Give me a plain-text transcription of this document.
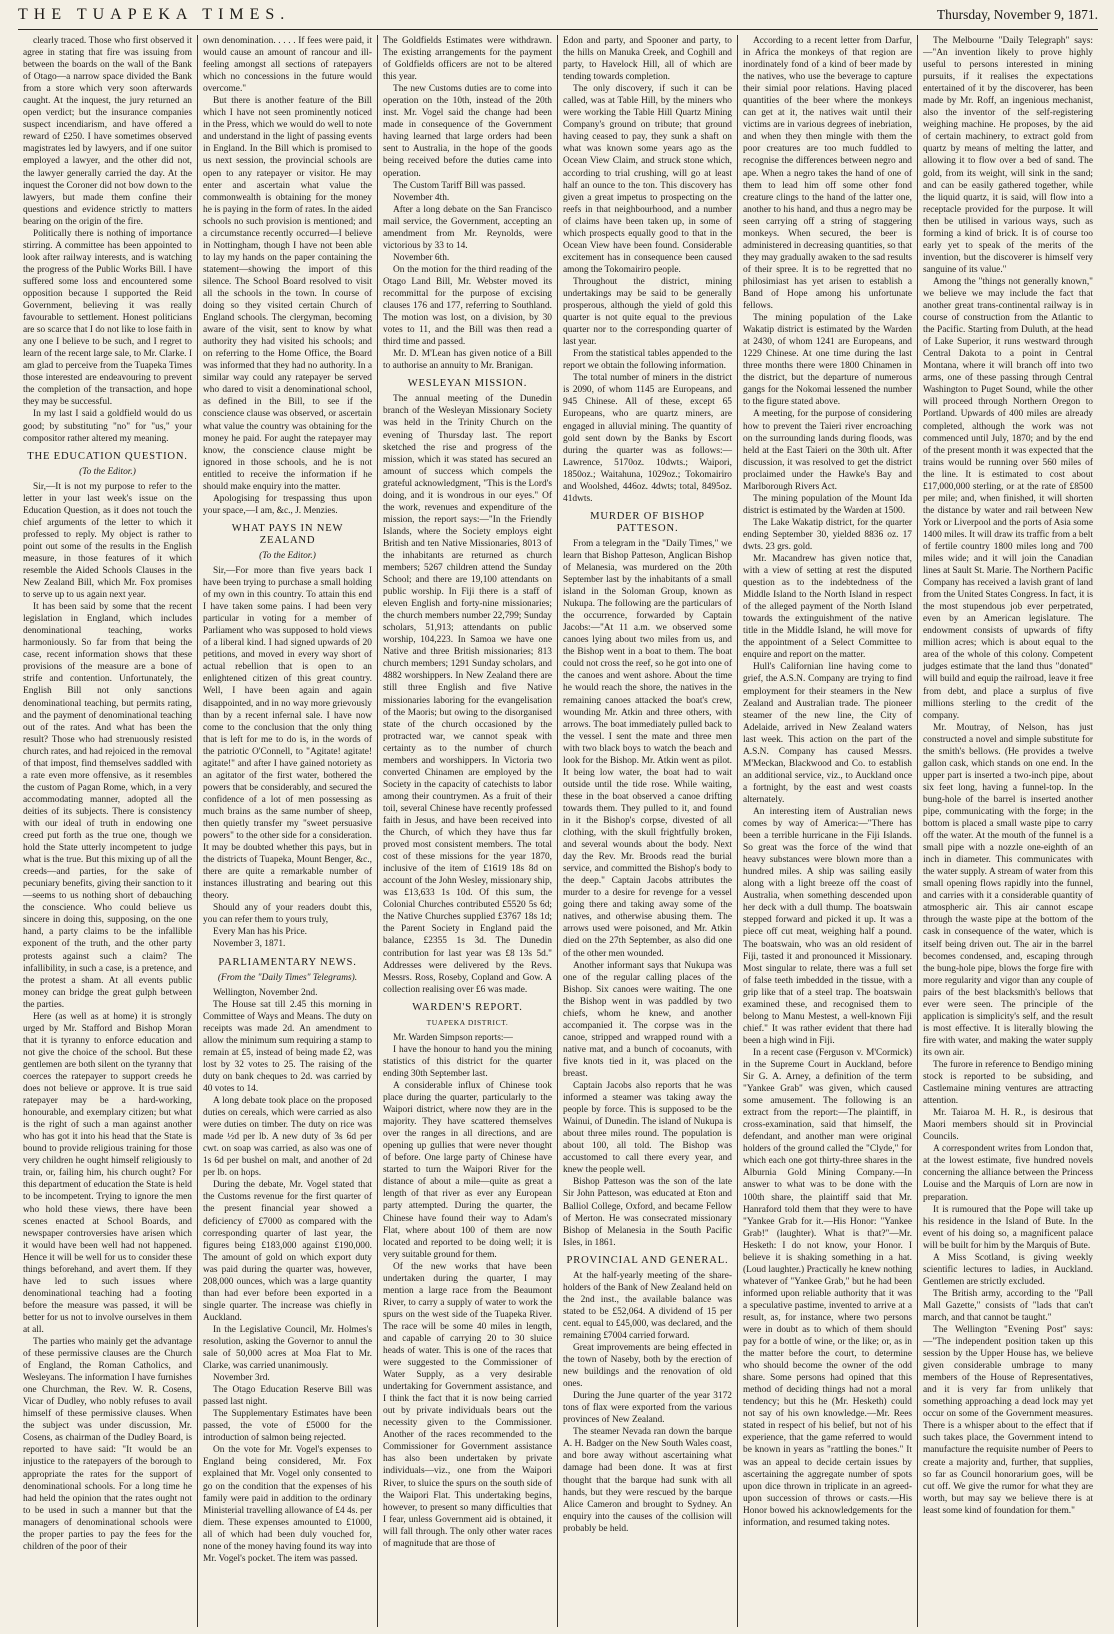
THE TUAPEKA TIMES.	Thursday, November 9, 1871.

clearly traced. Those who first observed it agree in stating that fire was issuing from between the boards on the wall of the Bank of Otago—a narrow space divided the Bank from a store which very soon afterwards caught. At the inquest, the jury returned an open verdict; but the insurance companies suspect incendiarism, and have offered a reward of £250. I have sometimes observed magistrates led by lawyers, and if one suitor employed a lawyer, and the other did not, the lawyer generally carried the day. At the inquest the Coroner did not bow down to the lawyers, but made them confine their questions and evidence strictly to matters bearing on the origin of the fire.

Politically there is nothing of importance stirring. A committee has been appointed to look after railway interests, and is watching the progress of the Public Works Bill. I have suffered some loss and encountered some opposition because I supported the Reid Government, believing it was really favourable to settlement. Honest politicians are so scarce that I do not like to lose faith in any one I believe to be such, and I regret to learn of the recent large sale, to Mr. Clarke. I am glad to perceive from the Tuapeka Times those interested are endeavouring to prevent the completion of the transaction, and hope they may be successful.

In my last I said a goldfield would do us good; by substituting "no" for "us," your compositor rather altered my meaning.

THE EDUCATION QUESTION.
(To the Editor.)

Sir,—It is not my purpose to refer to the letter in your last week's issue on the Education Question, as it does not touch the chief arguments of the letter to which it professed to reply. My object is rather to point out some of the results in the English measure, in those features of it which resemble the Aided Schools Clauses in the New Zealand Bill, which Mr. Fox promises to serve up to us again next year.

It has been said by some that the recent legislation in England, which includes denominational teaching, works harmoniously. So far from that being the case, recent information shows that these provisions of the measure are a bone of strife and contention. Unfortunately, the English Bill not only sanctions denominational teaching, but permits rating, and the payment of denominational teaching out of the rates. And what has been the result? Those who had strenuously resisted church rates, and had rejoiced in the removal of that impost, find themselves saddled with a rate even more offensive, as it resembles the custom of Pagan Rome, which, in a very accommodating manner, adopted all the deities of its subjects. There is consistency with our ideal of truth in endowing one creed put forth as the true one, though we hold the State utterly incompetent to judge what is the true. But this mixing up of all the creeds—and parties, for the sake of pecuniary benefits, giving their sanction to it—seems to us nothing short of debauching the conscience. Who could believe us sincere in doing this, supposing, on the one hand, a party claims to be the infallible exponent of the truth, and the other party protests against such a claim? The infallibility, in such a case, is a pretence, and the protest a sham. At all events public money can bridge the great gulph between the parties.

Here (as well as at home) it is strongly urged by Mr. Stafford and Bishop Moran that it is tyranny to enforce education and not give the choice of the school. But these gentlemen are both silent on the tyranny that coerces the ratepayer to support creeds he does not believe or approve. It is true said ratepayer may be a hard-working, honourable, and exemplary citizen; but what is the right of such a man against another who has got it into his head that the State is bound to provide religious training for those very children he ought himself religiously to train, or, failing him, his church ought? For this department of education the State is held to be incompetent. Trying to ignore the men who hold these views, there have been scenes enacted at School Boards, and newspaper controversies have arisen which it would have been well had not happened. Hence it will be well for us to consider these things beforehand, and avert them. If they have led to such issues where denominational teaching had a footing before the measure was passed, it will be better for us not to involve ourselves in them at all.

The parties who mainly get the advantage of these permissive clauses are the Church of England, the Roman Catholics, and Wesleyans. The information I have furnishes one Churchman, the Rev. W. R. Cosens, Vicar of Dudley, who nobly refuses to avail himself of these permissive clauses. When the subject was under discussion, Mr. Cosens, as chairman of the Dudley Board, is reported to have said: "It would be an injustice to the ratepayers of the borough to appropriate the rates for the support of denominational schools. For a long time he had held the opinion that the rates ought not to be used in such a manner but that the managers of denominational schools were the proper parties to pay the fees for the children of the poor of their

own denomination. . . . . If fees were paid, it would cause an amount of rancour and ill-feeling amongst all sections of ratepayers which no concessions in the future would overcome."

But there is another feature of the Bill which I have not seen prominently noticed in the Press, which we would do well to note and understand in the light of passing events in England. In the Bill which is promised to us next session, the provincial schools are open to any ratepayer or visitor. He may enter and ascertain what value the commonwealth is obtaining for the money he is paying in the form of rates. In the aided schools no such provision is mentioned; and a circumstance recently occurred—I believe in Nottingham, though I have not been able to lay my hands on the paper containing the statement—showing the import of this silence. The School Board resolved to visit all the schools in the town. In course of doing so they visited certain Church of England schools. The clergyman, becoming aware of the visit, sent to know by what authority they had visited his schools; and on referring to the Home Office, the Board was informed that they had no authority. In a similar way could any ratepayer be served who dared to visit a denominational school, as defined in the Bill, to see if the conscience clause was observed, or ascertain what value the country was obtaining for the money he paid. For aught the ratepayer may know, the conscience clause might be ignored in those schools, and he is not entitled to receive the information if he should make enquiry into the matter.

Apologising for trespassing thus upon your space,—I am, &c., J. Menzies.

WHAT PAYS IN NEW ZEALAND
(To the Editor.)

Sir,—For more than five years back I have been trying to purchase a small holding of my own in this country. To attain this end I have taken some pains. I had been very particular in voting for a member of Parliament who was supposed to hold views of a liberal kind. I had signed upwards of 20 petitions, and moved in every way short of actual rebellion that is open to an enlightened citizen of this great country. Well, I have been again and again disappointed, and in no way more grievously than by a recent infernal sale. I have now come to the conclusion that the only thing that is left for me to do is, in the words of the patriotic O'Connell, to "Agitate! agitate! agitate!" and after I have gained notoriety as an agitator of the first water, bothered the powers that be considerably, and secured the confidence of a lot of men possessing as much brains as the same number of sheep, then quietly transfer my "sweet persuasive powers" to the other side for a consideration. It may be doubted whether this pays, but in the districts of Tuapeka, Mount Benger, &c., there are quite a remarkable number of instances illustrating and bearing out this theory.

Should any of your readers doubt this, you can refer them to yours truly,

Every Man has his Price.

November 3, 1871.

PARLIAMENTARY NEWS.
(From the "Daily Times" Telegrams).

Wellington, November 2nd.

The House sat till 2.45 this morning in Committee of Ways and Means. The duty on receipts was made 2d. An amendment to allow the minimum sum requiring a stamp to remain at £5, instead of being made £2, was lost by 32 votes to 25. The raising of the duty on bank cheques to 2d. was carried by 40 votes to 14.

A long debate took place on the proposed duties on cereals, which were carried as also were duties on timber. The duty on rice was made ½d per lb. A new duty of 3s 6d per cwt. on soap was carried, as also was one of 1s 6d per bushel on malt, and another of 2d per lb. on hops.

During the debate, Mr. Vogel stated that the Customs revenue for the first quarter of the present financial year showed a deficiency of £7000 as compared with the corresponding quarter of last year, the figures being £183,000 against £190,000. The amount of gold on which export duty was paid during the quarter was, however, 208,000 ounces, which was a large quantity than had ever before been exported in a single quarter. The increase was chiefly in Auckland.

In the Legislative Council, Mr. Holmes's resolution, asking the Governor to annul the sale of 50,000 acres at Moa Flat to Mr. Clarke, was carried unanimously.

November 3rd.

The Otago Education Reserve Bill was passed last night.

The Supplementary Estimates have been passed, the vote of £5000 for the introduction of salmon being rejected.

On the vote for Mr. Vogel's expenses to England being considered, Mr. Fox explained that Mr. Vogel only consented to go on the condition that the expenses of his family were paid in addition to the ordinary Ministerial travelling allowance of £4 4s. per diem. These expenses amounted to £1000, all of which had been duly vouched for, none of the money having found its way into Mr. Vogel's pocket. The item was passed.

The Goldfields Estimates were withdrawn. The existing arrangements for the payment of Goldfields officers are not to be altered this year.

The new Customs duties are to come into operation on the 10th, instead of the 20th inst. Mr. Vogel said the change had been made in consequence of the Government having learned that large orders had been sent to Australia, in the hope of the goods being received before the duties came into operation.

The Custom Tariff Bill was passed.

November 4th.

After a long debate on the San Francisco mail service, the Government, accepting an amendment from Mr. Reynolds, were victorious by 33 to 14.

November 6th.

On the motion for the third reading of the Otago Land Bill, Mr. Webster moved its recommittal for the purpose of excising clauses 176 and 177, referring to Southland. The motion was lost, on a division, by 30 votes to 11, and the Bill was then read a third time and passed.

Mr. D. M'Lean has given notice of a Bill to authorise an annuity to Mr. Branigan.

WESLEYAN MISSION.

The annual meeting of the Dunedin branch of the Wesleyan Missionary Society was held in the Trinity Church on the evening of Thursday last. The report sketched the rise and progress of the mission, which it was stated has secured an amount of success which compels the grateful acknowledgment, "This is the Lord's doing, and it is wondrous in our eyes." Of the work, revenues and expenditure of the mission, the report says:—"In the Friendly Islands, where the Society employs eight British and ten Native Missionaries, 8013 of the inhabitants are returned as church members; 5267 children attend the Sunday School; and there are 19,100 attendants on public worship. In Fiji there is a staff of eleven English and forty-nine missionaries; the church members number 22,799; Sunday scholars, 51,913; attendants on public worship, 104,223. In Samoa we have one Native and three British missionaries; 813 church members; 1291 Sunday scholars, and 4882 worshippers. In New Zealand there are still three English and five Native missionaries laboring for the evangelisation of the Maoris; but owing to the disorganised state of the church occasioned by the protracted war, we cannot speak with certainty as to the number of church members and worshippers. In Victoria two converted Chinamen are employed by the Society in the capacity of catechists to labor among their countrymen. As a fruit of their toil, several Chinese have recently professed faith in Jesus, and have been received into the Church, of which they have thus far proved most consistent members. The total cost of these missions for the year 1870, inclusive of the item of £1619 18s 8d on account of the John Wesley, missionary ship, was £13,633 1s 10d. Of this sum, the Colonial Churches contributed £5520 5s 6d; the Native Churches supplied £3767 18s 1d; the Parent Society in England paid the balance, £2355 1s 3d. The Dunedin contribution for last year was £8 13s 5d." Addresses were delivered by the Revs. Messrs. Ross, Roseby, Copland and Gow. A collection realising over £6 was made.

WARDEN'S REPORT.
TUAPEKA DISTRICT.

Mr. Warden Simpson reports:—

I have the honour to hand you the mining statistics of this district for the quarter ending 30th September last.

A considerable influx of Chinese took place during the quarter, particularly to the Waipori district, where now they are in the majority. They have scattered themselves over the ranges in all directions, and are opening up gullies that were never thought of before. One large party of Chinese have started to turn the Waipori River for the distance of about a mile—quite as great a length of that river as ever any European party attempted. During the quarter, the Chinese have found their way to Adam's Flat, where about 100 of them are now located and reported to be doing well; it is very suitable ground for them.

Of the new works that have been undertaken during the quarter, I may mention a large race from the Beaumont River, to carry a supply of water to work the spurs on the west side of the Tuapeka River. The race will be some 40 miles in length, and capable of carrying 20 to 30 sluice heads of water. This is one of the races that were suggested to the Commissioner of Water Supply, as a very desirable undertaking for Government assistance, and I think the fact that it is now being carried out by private individuals bears out the necessity given to the Commissioner. Another of the races recommended to the Commissioner for Government assistance has also been undertaken by private individuals—viz., one from the Waipori River, to sluice the spurs on the south side of the Waipori Flat. This undertaking begins, however, to present so many difficulties that I fear, unless Government aid is obtained, it will fall through. The only other water races of magnitude that are those of

Edon and party, and Spooner and party, to the hills on Manuka Creek, and Coghill and party, to Havelock Hill, all of which are tending towards completion.

The only discovery, if such it can be called, was at Table Hill, by the miners who were working the Table Hill Quartz Mining Company's ground on tribute; that ground having ceased to pay, they sunk a shaft on what was known some years ago as the Ocean View Claim, and struck stone which, according to trial crushing, will go at least half an ounce to the ton. This discovery has given a great impetus to prospecting on the reefs in that neighbourhood, and a number of claims have been taken up, in some of which prospects equally good to that in the Ocean View have been found. Considerable excitement has in consequence been caused among the Tokomairiro people.

Throughout the district, mining undertakings may be said to be generally prosperous, although the yield of gold this quarter is not quite equal to the previous quarter nor to the corresponding quarter of last year.

From the statistical tables appended to the report we obtain the following information.

The total number of miners in the district is 2090, of whom 1145 are Europeans, and 945 Chinese. All of these, except 65 Europeans, who are quartz miners, are engaged in alluvial mining. The quantity of gold sent down by the Banks by Escort during the quarter was as follows:—Lawrence, 5170oz. 10dwts.; Waipori, 1850oz.; Waitahuna, 1029oz.; Tokomairiro and Woolshed, 446oz. 4dwts; total, 8495oz. 41dwts.

MURDER OF BISHOP PATTESON.

From a telegram in the "Daily Times," we learn that Bishop Patteson, Anglican Bishop of Melanesia, was murdered on the 20th September last by the inhabitants of a small island in the Soloman Group, known as Nukupa. The following are the particulars of the occurrence, forwarded by Captain Jacobs:—"At 11 a.m. we observed some canoes lying about two miles from us, and the Bishop went in a boat to them. The boat could not cross the reef, so he got into one of the canoes and went ashore. About the time he would reach the shore, the natives in the remaining canoes attacked the boat's crew, wounding Mr. Atkin and three others, with arrows. The boat immediately pulled back to the vessel. I sent the mate and three men with two black boys to watch the beach and look for the Bishop. Mr. Atkin went as pilot. It being low water, the boat had to wait outside until the tide rose. While waiting, these in the boat observed a canoe drifting towards them. They pulled to it, and found in it the Bishop's corpse, divested of all clothing, with the skull frightfully broken, and several wounds about the body. Next day the Rev. Mr. Broods read the burial service, and committed the Bishop's body to the deep." Captain Jacobs attributes the murder to a desire for revenge for a vessel going there and taking away some of the natives, and otherwise abusing them. The arrows used were poisoned, and Mr. Atkin died on the 27th September, as also did one of the other men wounded.

Another informant says that Nukupa was one of the regular calling places of the Bishop. Six canoes were waiting. The one the Bishop went in was paddled by two chiefs, whom he knew, and another accompanied it. The corpse was in the canoe, stripped and wrapped round with a native mat, and a bunch of cocoanuts, with five knots tied in it, was placed on the breast.

Captain Jacobs also reports that he was informed a steamer was taking away the people by force. This is supposed to be the Wainui, of Dunedin. The island of Nukupa is about three miles round. The population is about 100, all told. The Bishop was accustomed to call there every year, and knew the people well.

Bishop Patteson was the son of the late Sir John Patteson, was educated at Eton and Balliol College, Oxford, and became Fellow of Merton. He was consecrated missionary Bishop of Melanesia in the South Pacific Isles, in 1861.

PROVINCIAL AND GENERAL.

At the half-yearly meeting of the share-holders of the Bank of New Zealand held on the 2nd inst., the available balance was stated to be £52,064. A dividend of 15 per cent. equal to £45,000, was declared, and the remaining £7004 carried forward.

Great improvements are being effected in the town of Naseby, both by the erection of new buildings and the renovation of old ones.

During the June quarter of the year 3172 tons of flax were exported from the various provinces of New Zealand.

The steamer Nevada ran down the barque A. H. Badger on the New South Wales coast, and bore away without ascertaining what damage had been done. It was at first thought that the barque had sunk with all hands, but they were rescued by the barque Alice Cameron and brought to Sydney. An enquiry into the causes of the collision will probably be held.

According to a recent letter from Darfur, in Africa the monkeys of that region are inordinately fond of a kind of beer made by the natives, who use the beverage to capture their simial poor relations. Having placed quantities of the beer where the monkeys can get at it, the natives wait until their victims are in various degrees of inebriation, and when they then mingle with them the poor creatures are too much fuddled to recognise the differences between negro and ape. When a negro takes the hand of one of them to lead him off some other fond creature clings to the hand of the latter one, another to his hand, and thus a negro may be seen carrying off a string of staggering monkeys. When secured, the beer is administered in decreasing quantities, so that they may gradually awaken to the sad results of their spree. It is to be regretted that no philosimiast has yet arisen to establish a Band of Hope among his unfortunate fellows.

The mining population of the Lake Wakatip district is estimated by the Warden at 2430, of whom 1241 are Europeans, and 1229 Chinese. At one time during the last three months there were 1800 Chinamen in the district, but the departure of numerous gangs for the Nokomai lessened the number to the figure stated above.

A meeting, for the purpose of considering how to prevent the Taieri river encroaching on the surrounding lands during floods, was held at the East Taieri on the 30th ult. After discussion, it was resolved to get the district proclaimed under the Hawke's Bay and Marlborough Rivers Act.

The mining population of the Mount Ida district is estimated by the Warden at 1500.

The Lake Wakatip district, for the quarter ending September 30, yielded 8836 oz. 17 dwts. 23 grs. gold.

Mr. Macandrew has given notice that, with a view of setting at rest the disputed question as to the indebtedness of the Middle Island to the North Island in respect of the alleged payment of the North Island towards the extinguishment of the native title in the Middle Island, he will move for the appointment of a Select Committee to enquire and report on the matter.

Hull's Californian line having come to grief, the A.S.N. Company are trying to find employment for their steamers in the New Zealand and Australian trade. The pioneer steamer of the new line, the City of Adelaide, arrived in New Zealand waters last week. This action on the part of the A.S.N. Company has caused Messrs. M'Meckan, Blackwood and Co. to establish an additional service, viz., to Auckland once a fortnight, by the east and west coasts alternately.

An interesting item of Australian news comes by way of America:—"There has been a terrible hurricane in the Fiji Islands. So great was the force of the wind that heavy substances were blown more than a hundred miles. A ship was sailing easily along with a light breeze off the coast of Australia, when something descended upon her deck with a dull thump. The boatswain stepped forward and picked it up. It was a piece off cut meat, weighing half a pound. The boatswain, who was an old resident of Fiji, tasted it and pronounced it Missionary. Most singular to relate, there was a full set of false teeth imbedded in the tissue, with a grip like that of a steel trap. The boatswain examined these, and recognised them to belong to Manu Mestest, a well-known Fiji chief." It was rather evident that there had been a high wind in Fiji.

In a recent case (Ferguson v. M'Cormick) in the Supreme Court in Auckland, before Sir G. A. Arney, a definition of the term "Yankee Grab" was given, which caused some amusement. The following is an extract from the report:—The plaintiff, in cross-examination, said that himself, the defendant, and another man were original holders of the ground called the "Clyde," for which each one got thirty-three shares in the Alburnia Gold Mining Company.—In answer to what was to be done with the 100th share, the plaintiff said that Mr. Hanraford told them that they were to have "Yankee Grab for it.—His Honor: "Yankee Grab!" (laughter). What is that?"—Mr. Hesketh: I do not know, your Honor. I believe it is shaking something in a hat. (Loud laughter.) Practically he knew nothing whatever of "Yankee Grab," but he had been informed upon reliable authority that it was a speculative pastime, invented to arrive at a result, as, for instance, where two persons were in doubt as to which of them should pay for a bottle of wine, or the like; or, as in the matter before the court, to determine who should become the owner of the odd share. Some persons had opined that this method of deciding things had not a moral tendency; but this he (Mr. Hesketh) could not say of his own knowledge.—Mr. Rees stated in respect of his belief, but not of his experience, that the game referred to would be known in years as "rattling the bones." It was an appeal to decide certain issues by ascertaining the aggregate number of spots upon dice thrown in triplicate in an agreed-upon succession of throws or casts.—His Honor bowed his acknowledgements for the information, and resumed taking notes.

The Melbourne "Daily Telegraph" says:—"An invention likely to prove highly useful to persons interested in mining pursuits, if it realises the expectations entertained of it by the discoverer, has been made by Mr. Roff, an ingenious mechanist, also the inventor of the self-registering weighing machine. He proposes, by the aid of certain machinery, to extract gold from quartz by means of melting the latter, and allowing it to flow over a bed of sand. The gold, from its weight, will sink in the sand; and can be easily gathered together, while the liquid quartz, it is said, will flow into a receptacle provided for the purpose. It will then be utilised in various ways, such as forming a kind of brick. It is of course too early yet to speak of the merits of the invention, but the discoverer is himself very sanguine of its value."

Among the "things not generally known," we believe we may include the fact that another great trans-continental railway is in course of construction from the Atlantic to the Pacific. Starting from Duluth, at the head of Lake Superior, it runs westward through Central Dakota to a point in Central Montana, where it will branch off into two arms, one of these passing through Central Washington to Puget Sound, while the other will proceed through Northern Oregon to Portland. Upwards of 400 miles are already completed, although the work was not commenced until July, 1870; and by the end of the present month it was expected that the trains would be running over 560 miles of the line. It is estimated to cost about £17,000,000 sterling, or at the rate of £8500 per mile; and, when finished, it will shorten the distance by water and rail between New York or Liverpool and the ports of Asia some 1400 miles. It will draw its traffic from a belt of fertile country 1800 miles long and 700 miles wide; and it will join the Canadian lines at Sault St. Marie. The Northern Pacific Company has received a lavish grant of land from the United States Congress. In fact, it is the most stupendous job ever perpetrated, even by an American legislature. The endowment consists of upwards of fifty million acres; which is about equal to the area of the whole of this colony. Competent judges estimate that the land thus "donated" will build and equip the railroad, leave it free from debt, and place a surplus of five millions sterling to the credit of the company.

Mr. Moutray, of Nelson, has just constructed a novel and simple substitute for the smith's bellows. (He provides a twelve gallon cask, which stands on one end. In the upper part is inserted a two-inch pipe, about six feet long, having a funnel-top. In the bung-hole of the barrel is inserted another pipe, communicating with the forge; in the bottom is placed a small waste pipe to carry off the water. At the mouth of the funnel is a small pipe with a nozzle one-eighth of an inch in diameter. This communicates with the water supply. A stream of water from this small opening flows rapidly into the funnel, and carries with it a considerable quantity of atmospheric air. This air cannot escape through the waste pipe at the bottom of the cask in consequence of the water, which is itself being driven out. The air in the barrel becomes condensed, and, escaping through the bung-hole pipe, blows the forge fire with more regularity and vigor than any couple of pairs of the best blacksmith's bellows that ever were seen. The principle of the application is simplicity's self, and the result is most effective. It is literally blowing the fire with water, and making the water supply its own air.

The furore in reference to Bendigo mining stock is reported to be subsiding, and Castlemaine mining ventures are attracting attention.

Mr. Taiaroa M. H. R., is desirous that Maori members should sit in Provincial Councils.

A correspondent writes from London that, at the lowest estimate, five hundred novels concerning the alliance between the Princess Louise and the Marquis of Lorn are now in preparation.

It is rumoured that the Pope will take up his residence in the Island of Bute. In the event of his doing so, a magnificent palace will be built for him by the Marquis of Bute.

A Miss Scotland, is giving weekly scientific lectures to ladies, in Auckland. Gentlemen are strictly excluded.

The British army, according to the "Pall Mall Gazette," consists of "lads that can't march, and that cannot be taught."

The Wellington "Evening Post" says:—"The independent position taken up this session by the Upper House has, we believe given considerable umbrage to many members of the House of Representatives, and it is very far from unlikely that something approaching a dead lock may yet occur on some of the Government measures. There is a whisper about to the effect that if such takes place, the Government intend to manufacture the requisite number of Peers to create a majority and, further, that supplies, so far as Council honorarium goes, will be cut off. We give the rumor for what they are worth, but may say we believe there is at least some kind of foundation for them."
